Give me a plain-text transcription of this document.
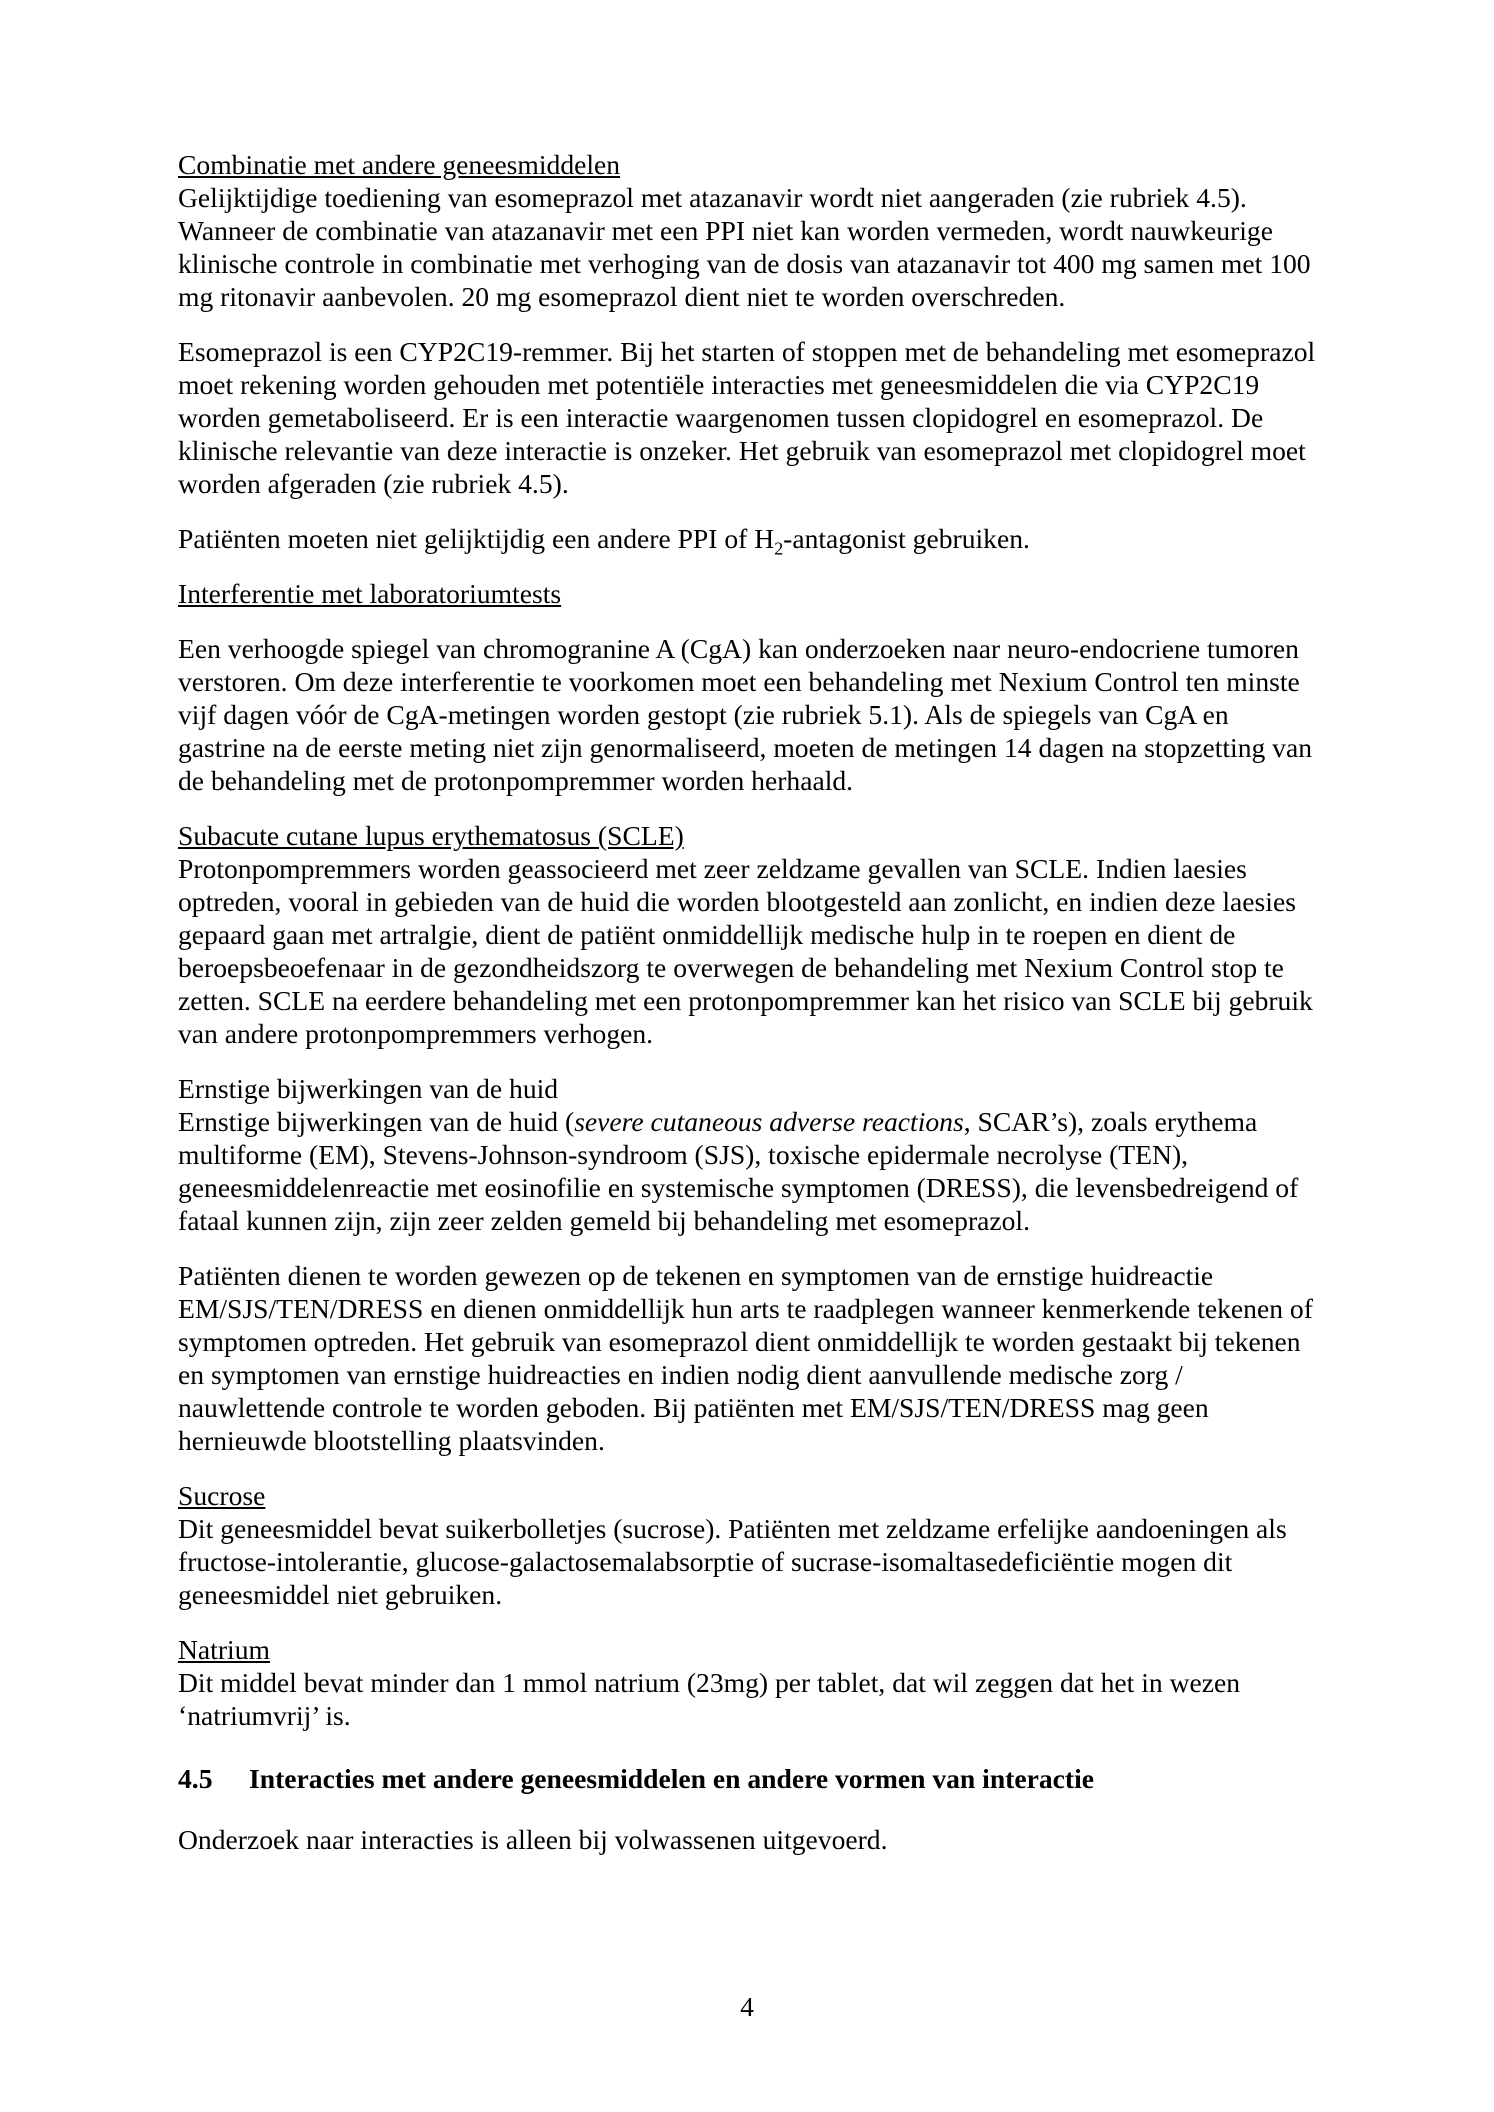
Combinatie met andere geneesmiddelen

Gelijktijdige toediening van esomeprazol met atazanavir wordt niet aangeraden (zie rubriek 4.5). Wanneer de combinatie van atazanavir met een PPI niet kan worden vermeden, wordt nauwkeurige klinische controle in combinatie met verhoging van de dosis van atazanavir tot 400 mg samen met 100 mg ritonavir aanbevolen. 20 mg esomeprazol dient niet te worden overschreden.

Esomeprazol is een CYP2C19-remmer. Bij het starten of stoppen met de behandeling met esomeprazol moet rekening worden gehouden met potentiële interacties met geneesmiddelen die via CYP2C19 worden gemetaboliseerd. Er is een interactie waargenomen tussen clopidogrel en esomeprazol. De klinische relevantie van deze interactie is onzeker. Het gebruik van esomeprazol met clopidogrel moet worden afgeraden (zie rubriek 4.5).

Patiënten moeten niet gelijktijdig een andere PPI of $H_2$-antagonist gebruiken.

Interferentie met laboratoriumtests

Een verhoogde spiegel van chromogranine A (CgA) kan onderzoeken naar neuro-endocriene tumoren verstoren. Om deze interferentie te voorkomen moet een behandeling met Nexium Control ten minste vijf dagen vóór de CgA-metingen worden gestopt (zie rubriek 5.1). Als de spiegels van CgA en gastrine na de eerste meting niet zijn genormaliseerd, moeten de metingen 14 dagen na stopzetting van de behandeling met de protonpompremmer worden herhaald.

Subacute cutane lupus erythematosus (SCLE)

Protonpompremmers worden geassocieerd met zeer zeldzame gevallen van SCLE. Indien laesies optreden, vooral in gebieden van de huid die worden blootgesteld aan zonlicht, en indien deze laesies gepaard gaan met artralgie, dient de patiënt onmiddellijk medische hulp in te roepen en dient de beroepsbeoefenaar in de gezondheidszorg te overwegen de behandeling met Nexium Control stop te zetten. SCLE na eerdere behandeling met een protonpompremmer kan het risico van SCLE bij gebruik van andere protonpompremmers verhogen.

Ernstige bijwerkingen van de huid

Ernstige bijwerkingen van de huid (severe cutaneous adverse reactions, SCAR’s), zoals erythema multiforme (EM), Stevens-Johnson-syndroom (SJS), toxische epidermale necrolyse (TEN), geneesmiddelenreactie met eosinofilie en systemische symptomen (DRESS), die levensbedreigend of fataal kunnen zijn, zijn zeer zelden gemeld bij behandeling met esomeprazol.

Patiënten dienen te worden gewezen op de tekenen en symptomen van de ernstige huidreactie EM/SJS/TEN/DRESS en dienen onmiddellijk hun arts te raadplegen wanneer kenmerkende tekenen of symptomen optreden. Het gebruik van esomeprazol dient onmiddellijk te worden gestaakt bij tekenen en symptomen van ernstige huidreacties en indien nodig dient aanvullende medische zorg / nauwlettende controle te worden geboden. Bij patiënten met EM/SJS/TEN/DRESS mag geen hernieuwde blootstelling plaatsvinden.

Sucrose

Dit geneesmiddel bevat suikerbolletjes (sucrose). Patiënten met zeldzame erfelijke aandoeningen als fructose-intolerantie, glucose-galactosemalabsorptie of sucrase-isomaltasedeficiëntie mogen dit geneesmiddel niet gebruiken.

Natrium

Dit middel bevat minder dan 1 mmol natrium (23mg) per tablet, dat wil zeggen dat het in wezen ‘natriumvrij’ is.

4.5	Interacties met andere geneesmiddelen en andere vormen van interactie

Onderzoek naar interacties is alleen bij volwassenen uitgevoerd.

4
